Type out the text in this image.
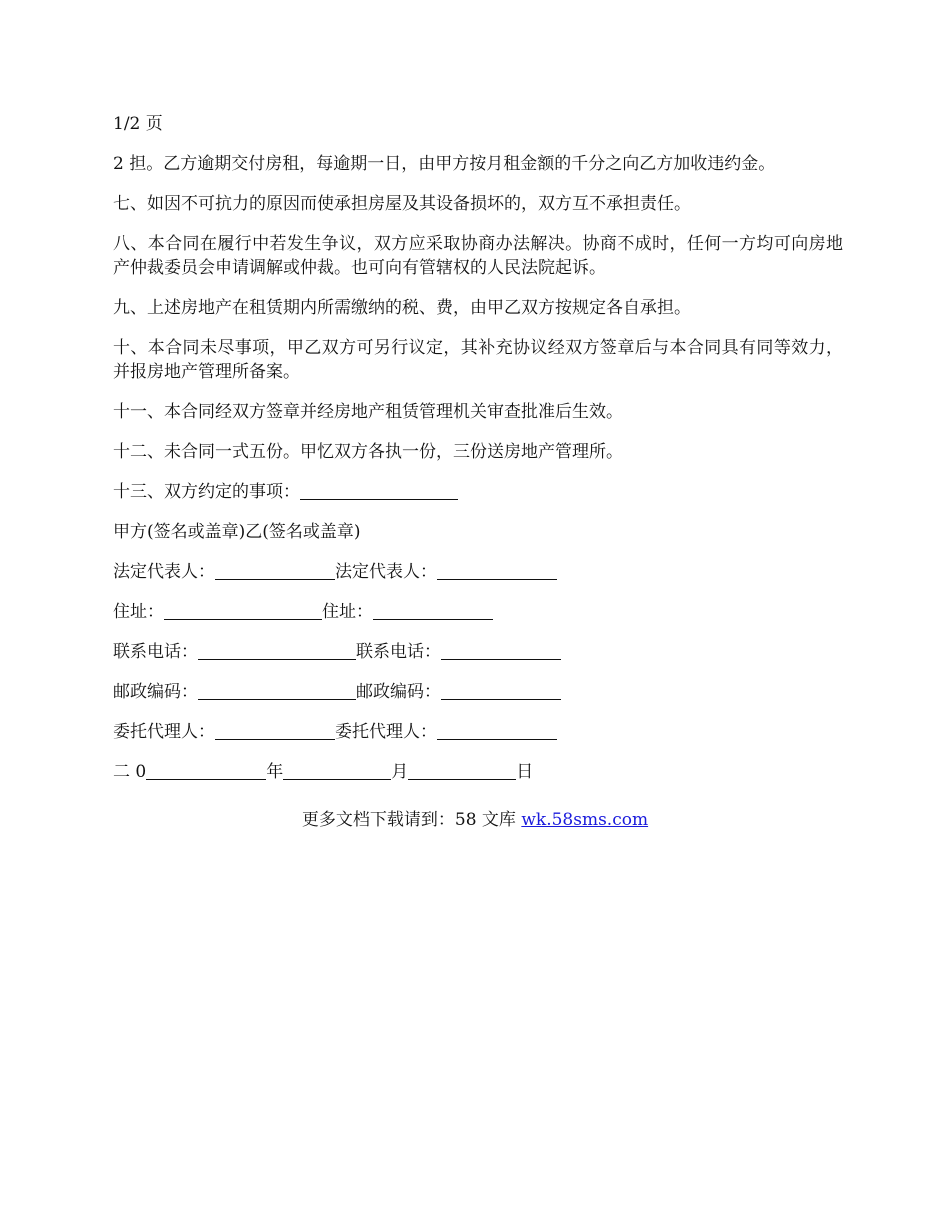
1/2 页

2 担。乙方逾期交付房租，每逾期一日，由甲方按月租金额的千分之向乙方加收违约金。

七、如因不可抗力的原因而使承担房屋及其设备损坏的，双方互不承担责任。

八、本合同在履行中若发生争议，双方应采取协商办法解决。协商不成时，任何一方均可向房地产仲裁委员会申请调解或仲裁。也可向有管辖权的人民法院起诉。

九、上述房地产在租赁期内所需缴纳的税、费，由甲乙双方按规定各自承担。

十、本合同未尽事项，甲乙双方可另行议定，其补充协议经双方签章后与本合同具有同等效力，并报房地产管理所备案。

十一、本合同经双方签章并经房地产租赁管理机关审查批准后生效。

十二、未合同一式五份。甲忆双方各执一份，三份送房地产管理所。

十三、双方约定的事项：

甲方(签名或盖章)乙(签名或盖章)

法定代表人：	法定代表人：

住址：	住址：

联系电话：	联系电话：

邮政编码：	邮政编码：

委托代理人：	委托代理人：

二 0	年	月	日

更多文档下载请到：58 文库 wk.58sms.com
